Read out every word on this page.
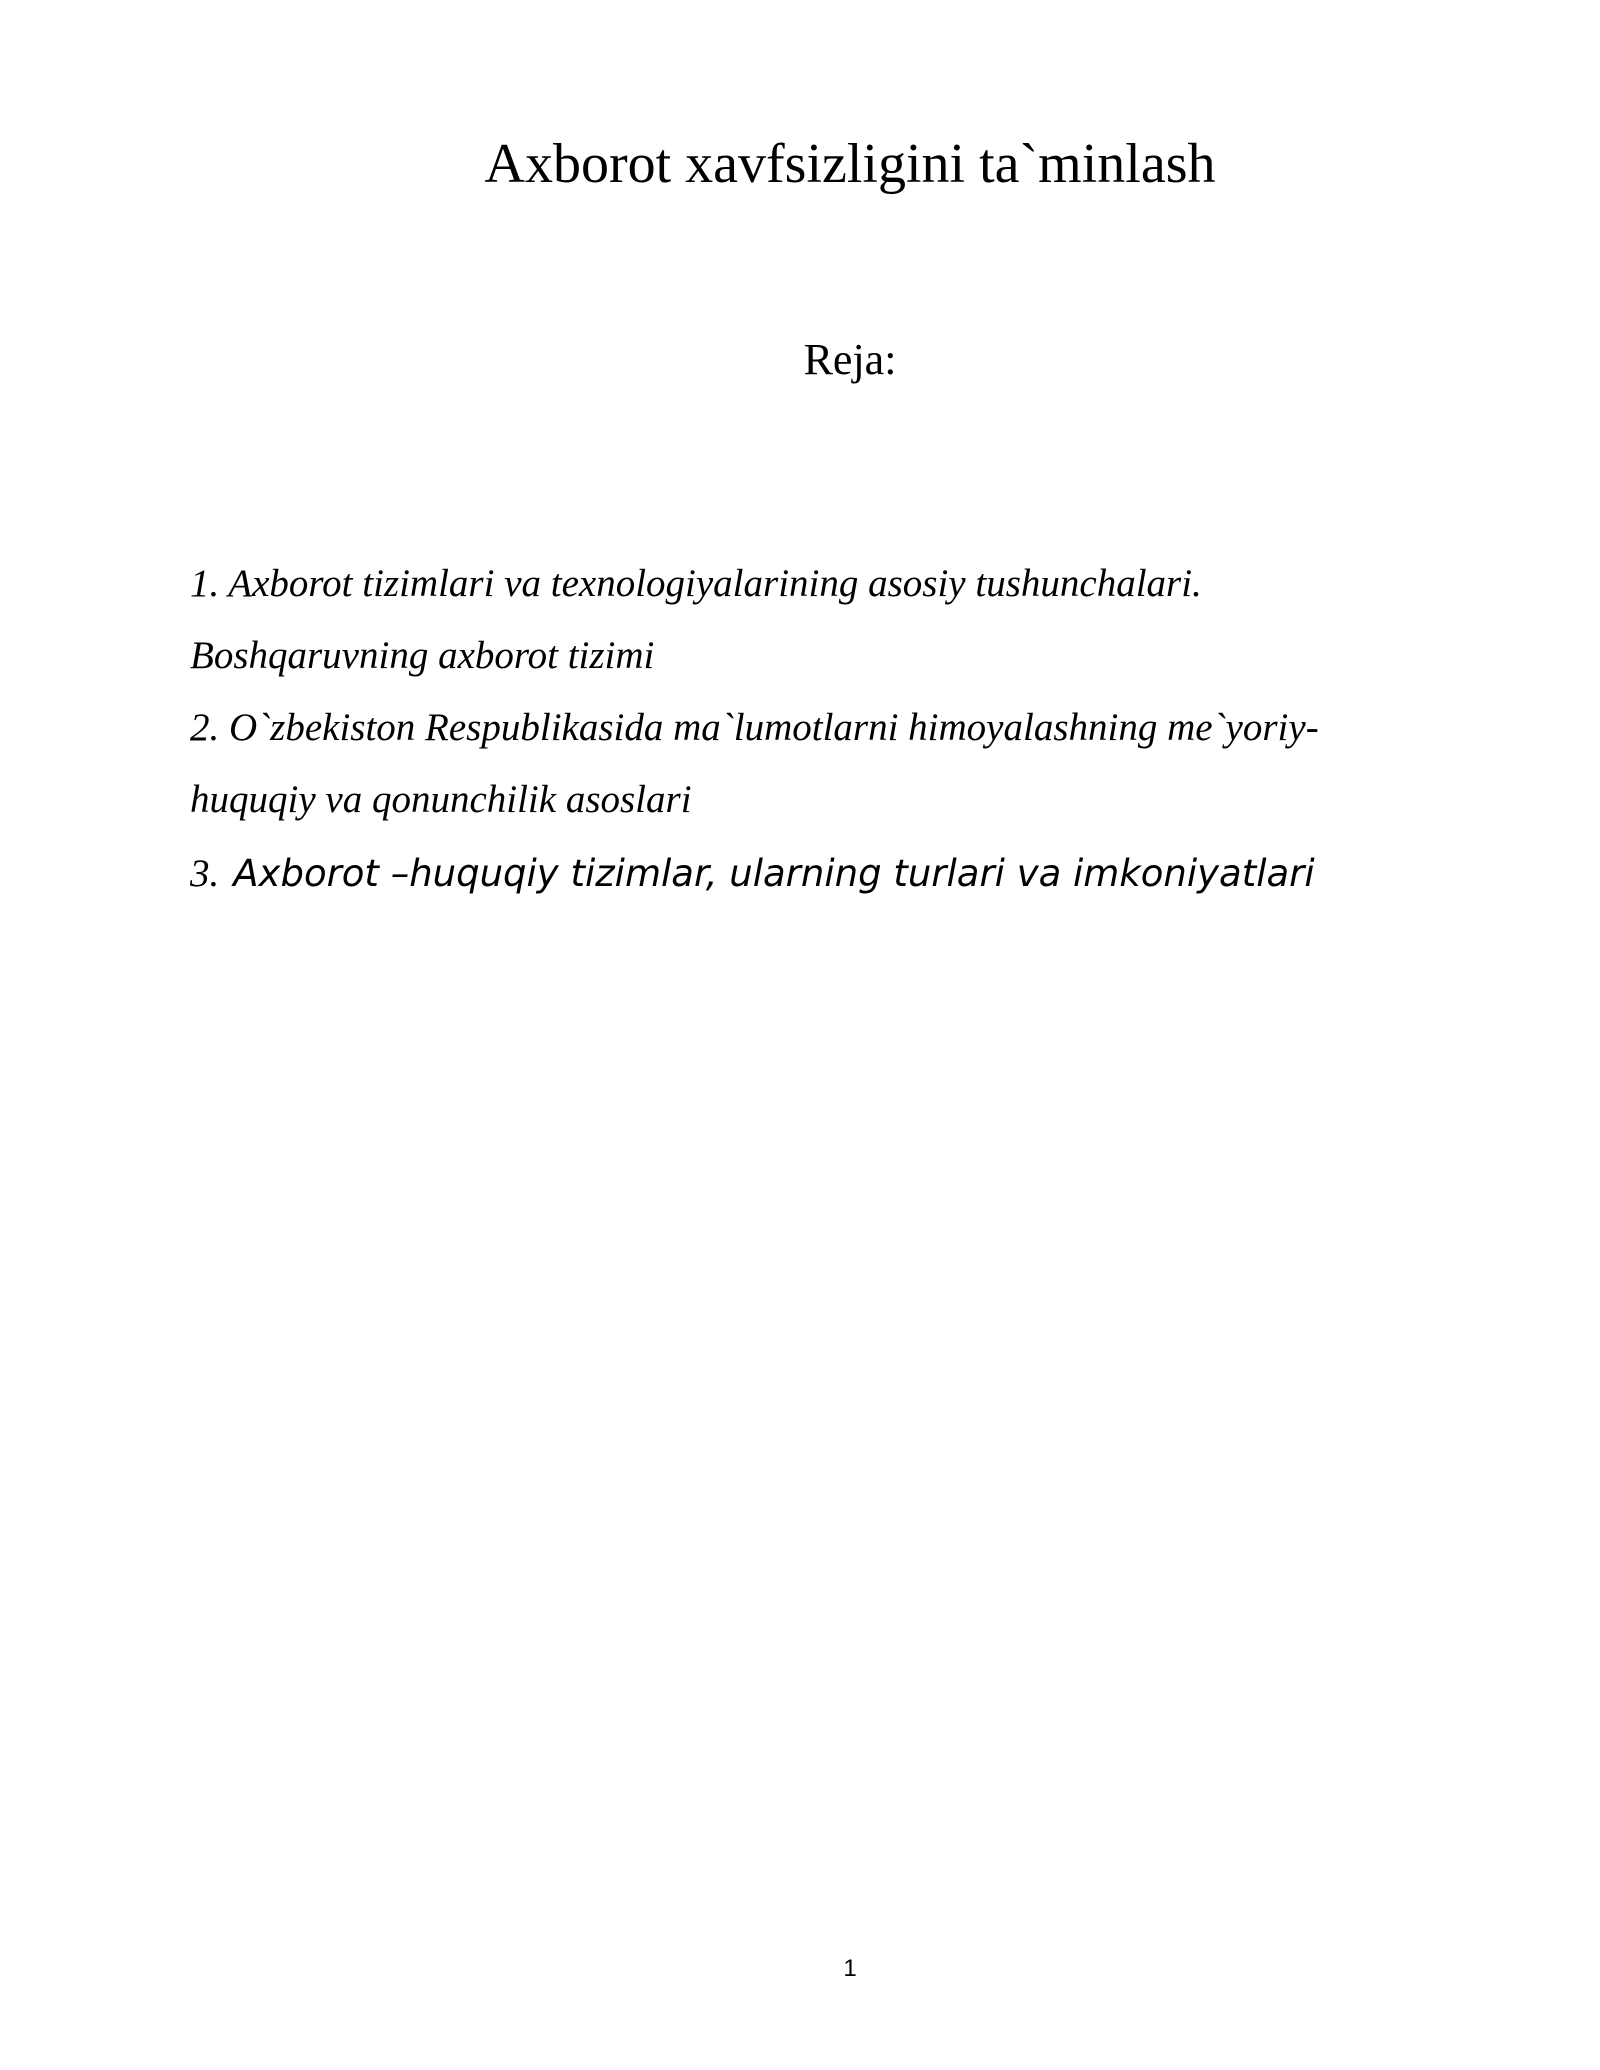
Axborot xavfsizligini ta`minlash
Reja:
1. Axborot tizimlari va texnologiyalarining asosiy tushunchalari.
Boshqaruvning axborot tizimi
2. O`zbekiston Respublikasida ma`lumotlarni himoyalashning me`yoriy-
huquqiy va qonunchilik asoslari
3. Axborot –huquqiy tizimlar, ularning turlari va imkoniyatlari
1
